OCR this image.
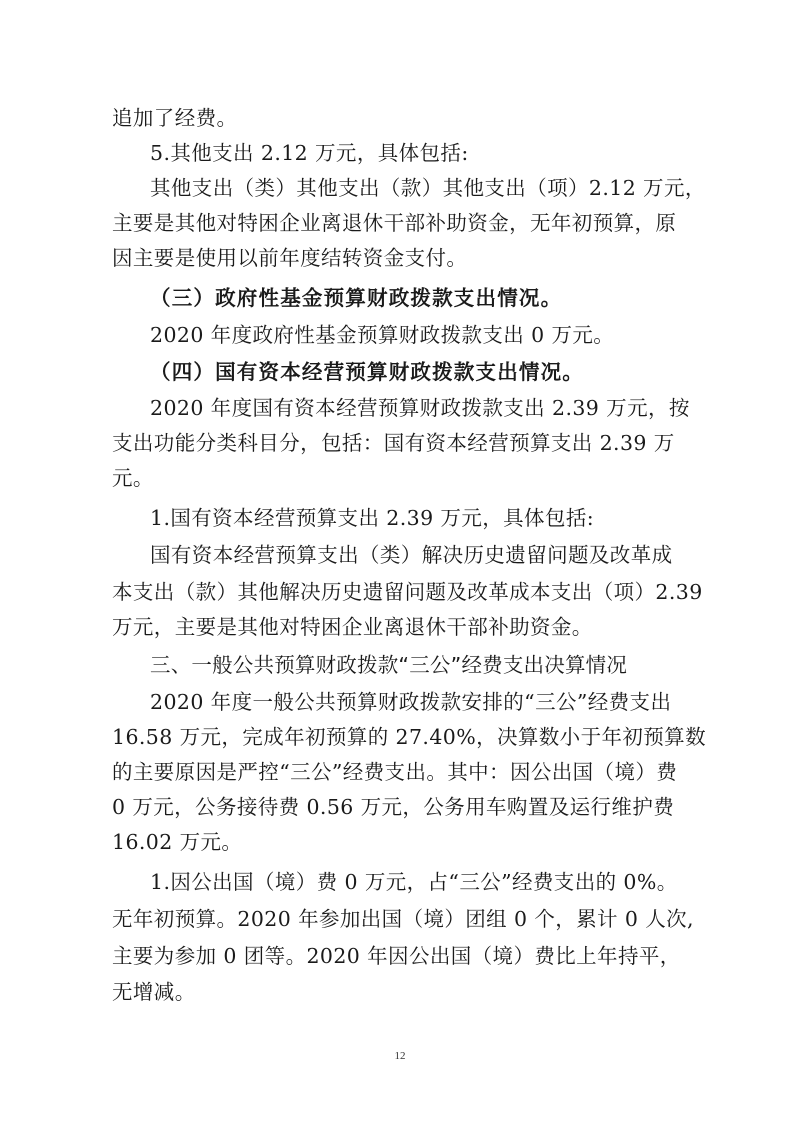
追加了经费。
5.其他支出 2.12 万元，具体包括:
其他支出（类）其他支出（款）其他支出（项）2.12 万元，
主要是其他对特困企业离退休干部补助资金，无年初预算，原
因主要是使用以前年度结转资金支付。
（三）政府性基金预算财政拨款支出情况。
2020 年度政府性基金预算财政拨款支出 0 万元。
（四）国有资本经营预算财政拨款支出情况。
2020 年度国有资本经营预算财政拨款支出 2.39 万元，按
支出功能分类科目分，包括：国有资本经营预算支出 2.39 万
元。
1.国有资本经营预算支出 2.39 万元，具体包括:
国有资本经营预算支出（类）解决历史遗留问题及改革成
本支出（款）其他解决历史遗留问题及改革成本支出（项）2.39
万元，主要是其他对特困企业离退休干部补助资金。
三、一般公共预算财政拨款“三公”经费支出决算情况
2020 年度一般公共预算财政拨款安排的“三公”经费支出
16.58 万元，完成年初预算的 27.40%，决算数小于年初预算数
的主要原因是严控“三公”经费支出。其中：因公出国（境）费
0 万元，公务接待费 0.56 万元，公务用车购置及运行维护费
16.02 万元。
1.因公出国（境）费 0 万元，占“三公”经费支出的 0%。
无年初预算。2020 年参加出国（境）团组 0 个，累计 0 人次,
主要为参加 0 团等。2020 年因公出国（境）费比上年持平，
无增减。
12
